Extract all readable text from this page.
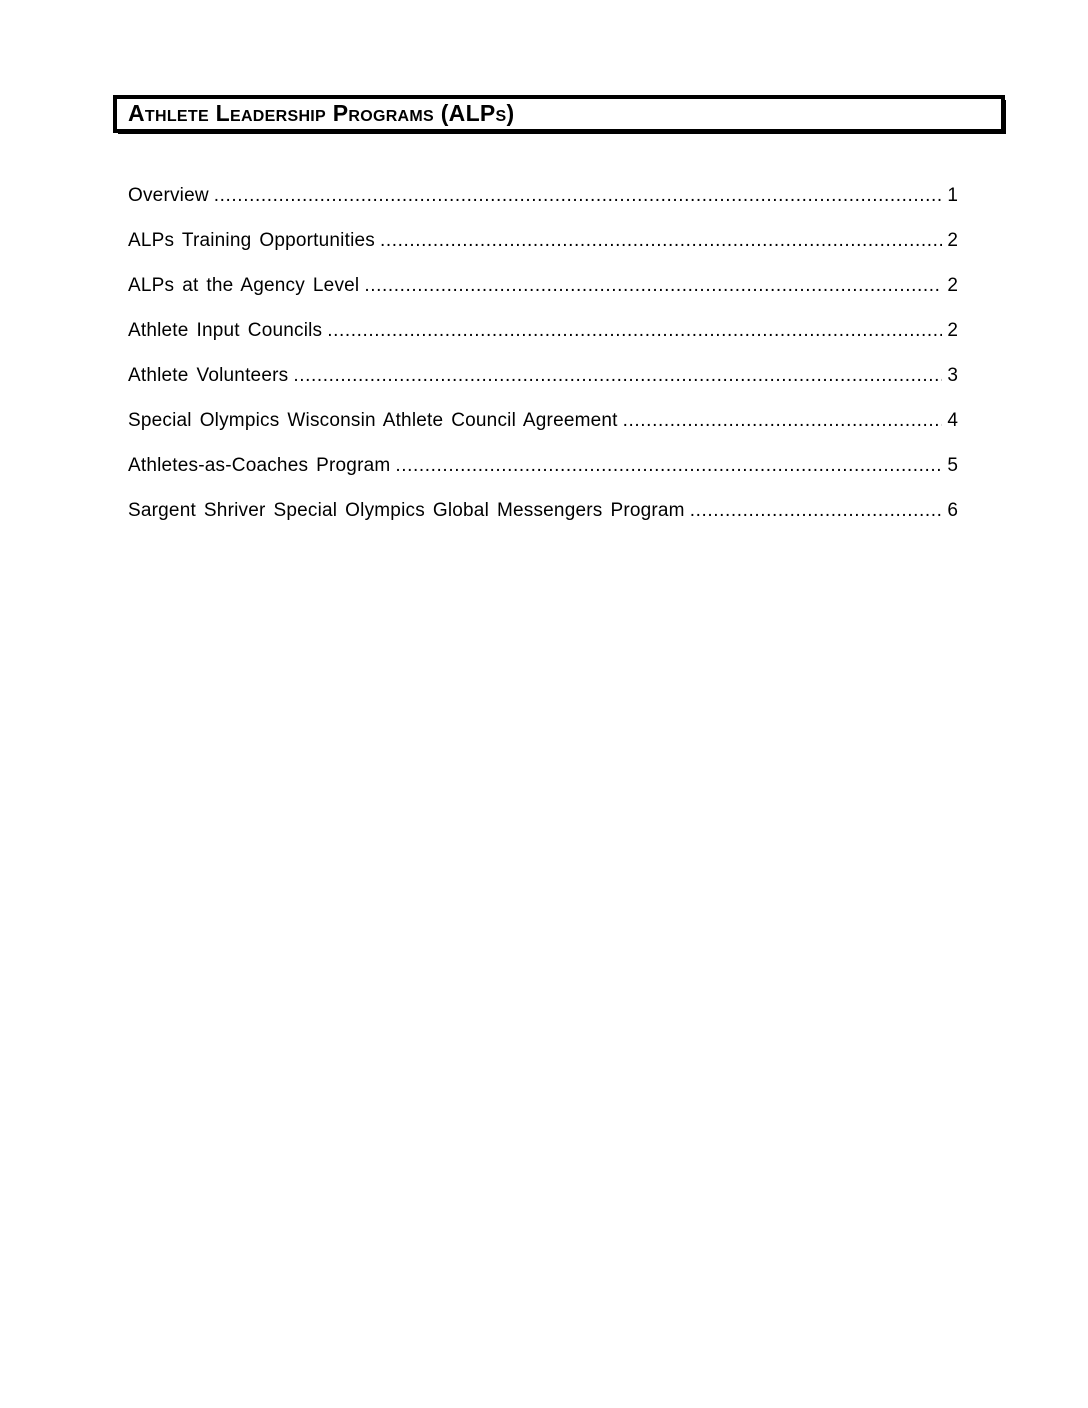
Athlete Leadership Programs (ALPs)
Overview .....	1
ALPs Training Opportunities .....	2
ALPs at the Agency Level .....	2
Athlete Input Councils .....	2
Athlete Volunteers .....	3
Special Olympics Wisconsin Athlete Council Agreement .....	4
Athletes-as-Coaches Program .....	5
Sargent Shriver Special Olympics Global Messengers Program .....	6
